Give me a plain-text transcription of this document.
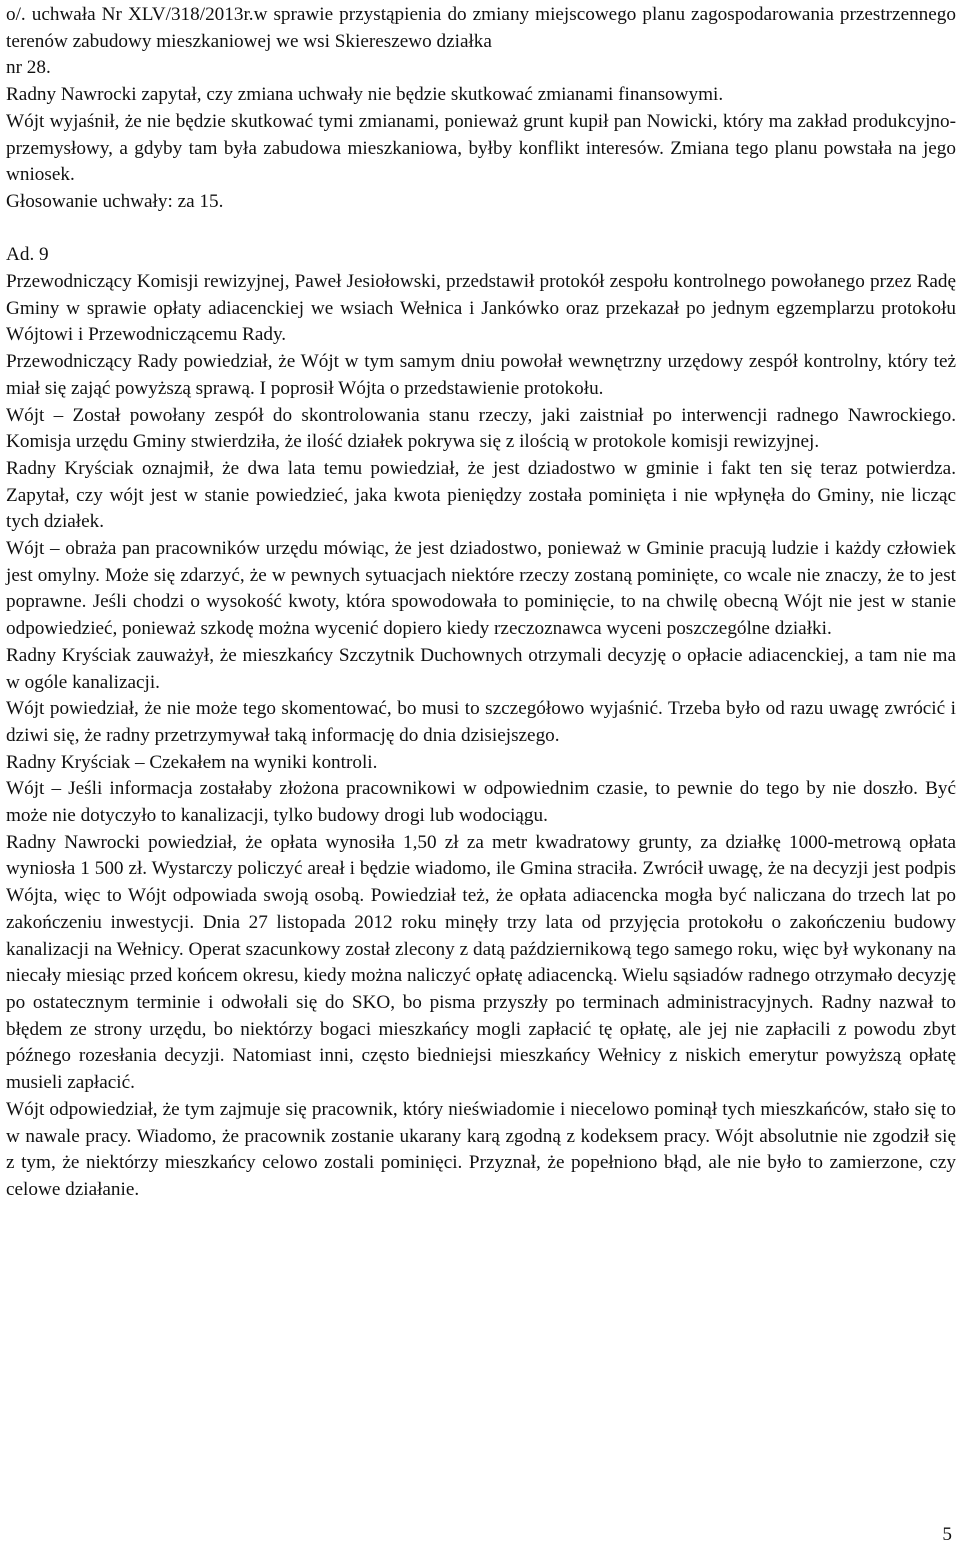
o/. uchwała Nr XLV/318/2013r.w sprawie przystąpienia do zmiany miejscowego planu zagospodarowania przestrzennego terenów zabudowy mieszkaniowej we wsi Skiereszewo działka

nr 28.

Radny Nawrocki zapytał, czy zmiana uchwały nie będzie skutkować zmianami finansowymi.

Wójt wyjaśnił, że nie będzie skutkować tymi zmianami, ponieważ grunt kupił pan Nowicki, który ma zakład produkcyjno-przemysłowy, a gdyby tam była zabudowa mieszkaniowa, byłby konflikt interesów. Zmiana tego planu powstała na jego wniosek.

Głosowanie uchwały: za 15.

Ad. 9

Przewodniczący Komisji rewizyjnej, Paweł Jesiołowski, przedstawił protokół zespołu kontrolnego powołanego przez Radę Gminy w sprawie opłaty adiacenckiej we wsiach Wełnica i Jankówko oraz przekazał po jednym egzemplarzu protokołu Wójtowi i Przewodniczącemu Rady.

Przewodniczący Rady powiedział, że Wójt w tym samym dniu powołał wewnętrzny urzędowy zespół kontrolny, który też miał się zająć powyższą sprawą. I poprosił Wójta o przedstawienie protokołu.

Wójt – Został powołany zespół do skontrolowania stanu rzeczy, jaki zaistniał po interwencji radnego Nawrockiego. Komisja urzędu Gminy stwierdziła, że ilość działek pokrywa się z ilością w protokole komisji rewizyjnej.

Radny Kryściak oznajmił, że dwa lata temu powiedział, że jest dziadostwo w gminie i fakt ten się teraz potwierdza. Zapytał, czy wójt jest w stanie powiedzieć, jaka kwota pieniędzy została pominięta i nie wpłynęła do Gminy, nie licząc tych działek.

Wójt – obraża pan pracowników urzędu mówiąc, że jest dziadostwo, ponieważ w Gminie pracują ludzie i każdy człowiek jest omylny. Może się zdarzyć, że w pewnych sytuacjach niektóre rzeczy zostaną pominięte, co wcale nie znaczy, że to jest poprawne. Jeśli chodzi o wysokość kwoty, która spowodowała to pominięcie, to na chwilę obecną Wójt nie jest w stanie odpowiedzieć, ponieważ szkodę można wycenić dopiero kiedy rzeczoznawca wyceni poszczególne działki.

Radny Kryściak zauważył, że mieszkańcy Szczytnik Duchownych otrzymali decyzję o opłacie adiacenckiej, a tam nie ma w ogóle kanalizacji.

Wójt powiedział, że nie może tego skomentować, bo musi to szczegółowo wyjaśnić. Trzeba było od razu uwagę zwrócić i dziwi się, że radny przetrzymywał taką informację do dnia dzisiejszego.

Radny Kryściak – Czekałem na wyniki kontroli.

Wójt – Jeśli informacja zostałaby złożona pracownikowi w odpowiednim czasie, to pewnie do tego by nie doszło. Być może nie dotyczyło to kanalizacji, tylko budowy drogi lub wodociągu.

Radny Nawrocki powiedział, że opłata wynosiła 1,50 zł za metr kwadratowy grunty, za działkę 1000-metrową opłata wyniosła 1 500 zł. Wystarczy policzyć areał i będzie wiadomo, ile Gmina straciła. Zwrócił uwagę, że na decyzji jest podpis Wójta, więc to Wójt odpowiada swoją osobą. Powiedział też, że opłata adiacencka mogła być naliczana do trzech lat po zakończeniu inwestycji. Dnia 27 listopada 2012 roku minęły trzy lata od przyjęcia protokołu o zakończeniu budowy kanalizacji na Wełnicy. Operat szacunkowy został zlecony z datą październikową tego samego roku, więc był wykonany na niecały miesiąc przed końcem okresu, kiedy można naliczyć opłatę adiacencką. Wielu sąsiadów radnego otrzymało decyzję po ostatecznym terminie i odwołali się do SKO, bo pisma przyszły po terminach administracyjnych. Radny nazwał to błędem ze strony urzędu, bo niektórzy bogaci mieszkańcy mogli zapłacić tę opłatę, ale jej nie zapłacili z powodu zbyt późnego rozesłania decyzji. Natomiast inni, często biedniejsi mieszkańcy Wełnicy z niskich emerytur powyższą opłatę musieli zapłacić.

Wójt odpowiedział, że tym zajmuje się pracownik, który nieświadomie i niecelowo pominął tych mieszkańców, stało się to w nawale pracy. Wiadomo, że pracownik zostanie ukarany karą zgodną z kodeksem pracy. Wójt absolutnie nie zgodził się z tym, że niektórzy mieszkańcy celowo zostali pominięci. Przyznał, że popełniono błąd, ale nie było to zamierzone, czy celowe działanie.

5
